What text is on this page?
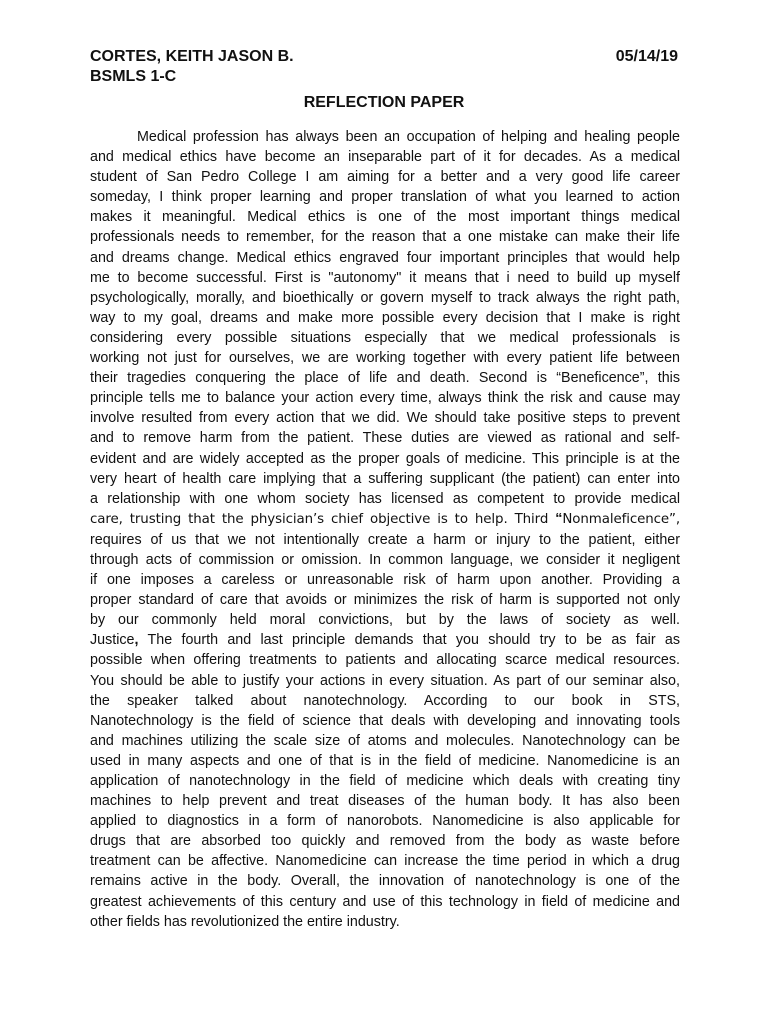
CORTES, KEITH JASON B.	05/14/19
BSMLS 1-C
REFLECTION PAPER
Medical profession has always been an occupation of helping and healing people
and medical ethics have become an inseparable part of it for decades. As a medical
student of San Pedro College I am aiming for a better and a very good life career
someday, I think proper learning and proper translation of what you learned to action
makes it meaningful. Medical ethics is one of the most important things medical
professionals needs to remember, for the reason that a one mistake can make their life
and dreams change. Medical ethics engraved four important principles that would help
me to become successful. First is "autonomy" it means that i need to build up myself
psychologically, morally, and bioethically or govern myself to track always the right path,
way to my goal, dreams and make more possible every decision that I make is right
considering every possible situations especially that we medical professionals is
working not just for ourselves, we are working together with every patient life between
their tragedies conquering the place of life and death. Second is “Beneficence”, this
principle tells me to balance your action every time, always think the risk and cause may
involve resulted from every action that we did. We should take positive steps to prevent
and to remove harm from the patient. These duties are viewed as rational and self-
evident and are widely accepted as the proper goals of medicine. This principle is at the
very heart of health care implying that a suffering supplicant (the patient) can enter into
a relationship with one whom society has licensed as competent to provide medical
care, trusting that the physician’s chief objective is to help. Third “Nonmaleficence”,
requires of us that we not intentionally create a harm or injury to the patient, either
through acts of commission or omission. In common language, we consider it negligent
if one imposes a careless or unreasonable risk of harm upon another. Providing a
proper standard of care that avoids or minimizes the risk of harm is supported not only
by our commonly held moral convictions, but by the laws of society as well.
Justice, The fourth and last principle demands that you should try to be as fair as
possible when offering treatments to patients and allocating scarce medical resources.
You should be able to justify your actions in every situation. As part of our seminar also,
the speaker talked about nanotechnology. According to our book in STS,
Nanotechnology is the field of science that deals with developing and innovating tools
and machines utilizing the scale size of atoms and molecules. Nanotechnology can be
used in many aspects and one of that is in the field of medicine. Nanomedicine is an
application of nanotechnology in the field of medicine which deals with creating tiny
machines to help prevent and treat diseases of the human body. It has also been
applied to diagnostics in a form of nanorobots. Nanomedicine is also applicable for
drugs that are absorbed too quickly and removed from the body as waste before
treatment can be affective. Nanomedicine can increase the time period in which a drug
remains active in the body. Overall, the innovation of nanotechnology is one of the
greatest achievements of this century and use of this technology in field of medicine and
other fields has revolutionized the entire industry.
